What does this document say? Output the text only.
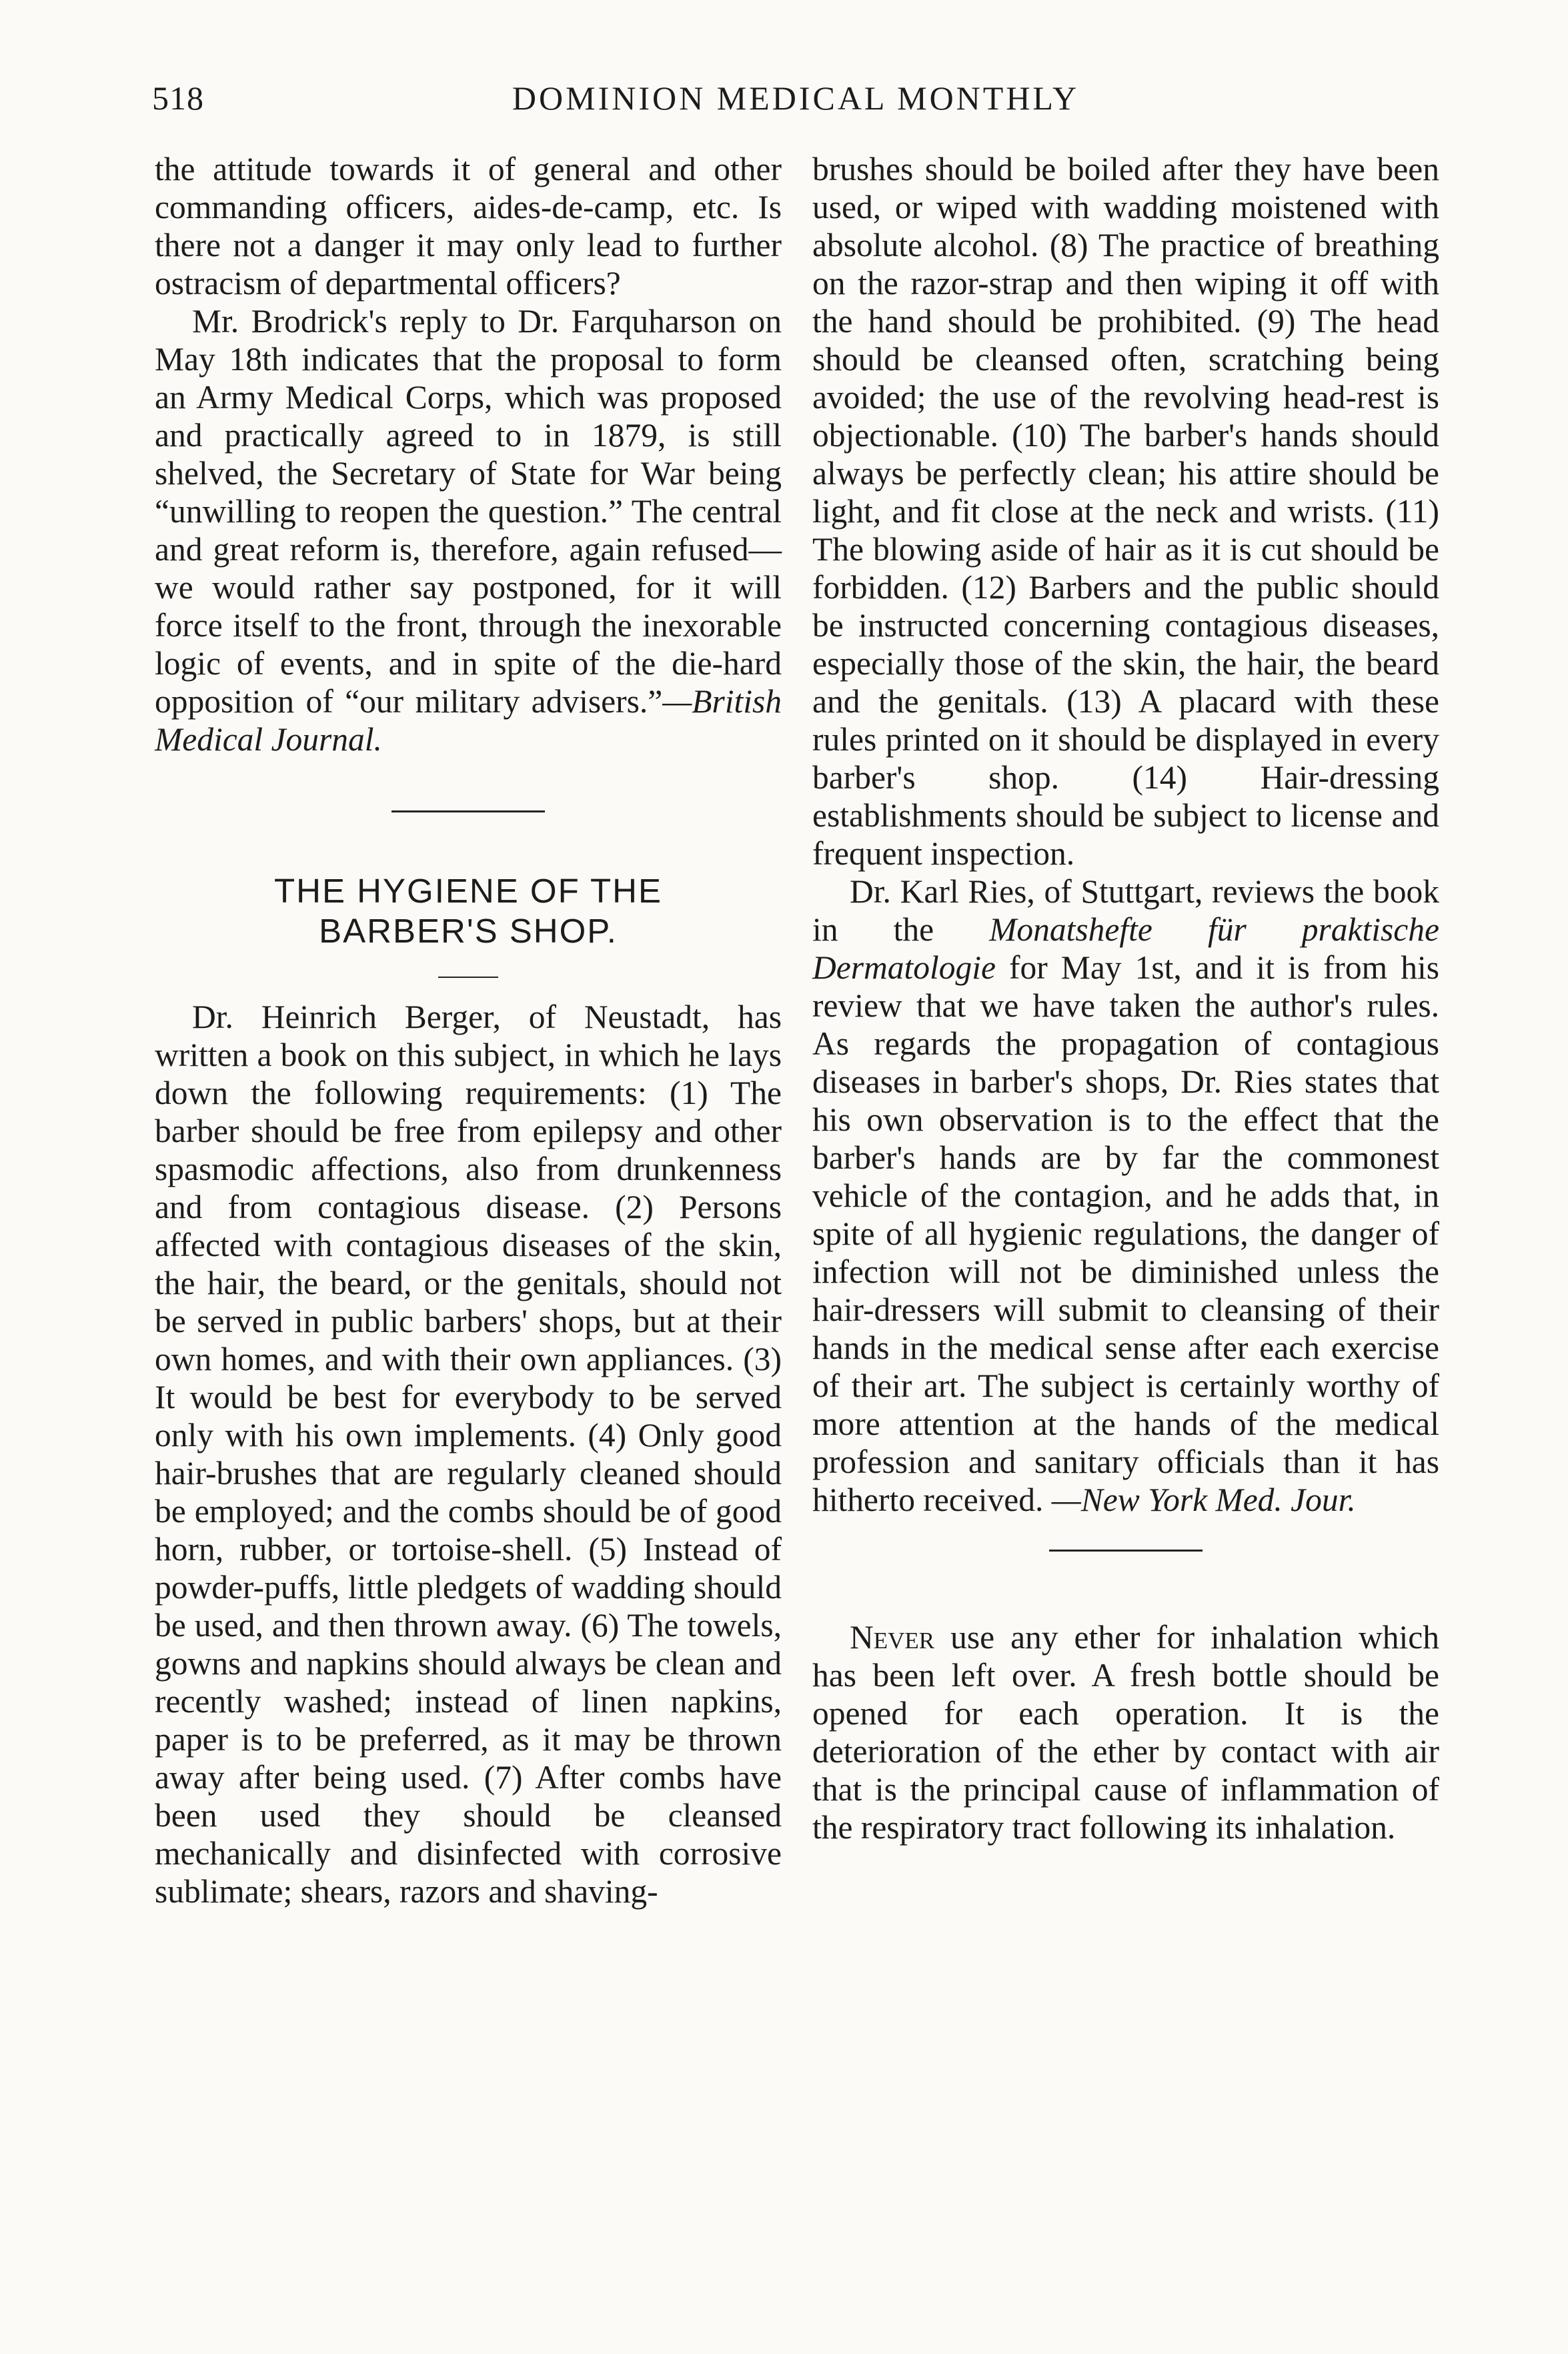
518	DOMINION MEDICAL MONTHLY

the attitude towards it of general and other commanding officers, aides-de-camp, etc. Is there not a danger it may only lead to further ostracism of departmental officers?

Mr. Brodrick's reply to Dr. Farquharson on May 18th indicates that the proposal to form an Army Medical Corps, which was proposed and practically agreed to in 1879, is still shelved, the Secretary of State for War being “unwilling to reopen the question.” The central and great reform is, therefore, again refused—we would rather say postponed, for it will force itself to the front, through the inexorable logic of events, and in spite of the die-hard opposition of “our military advisers.”—British Medical Journal.

THE HYGIENE OF THE
BARBER'S SHOP.

Dr. Heinrich Berger, of Neustadt, has written a book on this subject, in which he lays down the following requirements: (1) The barber should be free from epilepsy and other spasmodic affections, also from drunkenness and from contagious disease. (2) Persons affected with contagious diseases of the skin, the hair, the beard, or the genitals, should not be served in public barbers' shops, but at their own homes, and with their own appliances. (3) It would be best for everybody to be served only with his own implements. (4) Only good hair-brushes that are regularly cleaned should be employed; and the combs should be of good horn, rubber, or tortoise-shell. (5) Instead of powder-puffs, little pledgets of wadding should be used, and then thrown away. (6) The towels, gowns and napkins should always be clean and recently washed; instead of linen napkins, paper is to be preferred, as it may be thrown away after being used. (7) After combs have been used they should be cleansed mechanically and disinfected with corrosive sublimate; shears, razors and shaving-

brushes should be boiled after they have been used, or wiped with wadding moistened with absolute alcohol. (8) The practice of breathing on the razor-strap and then wiping it off with the hand should be prohibited. (9) The head should be cleansed often, scratching being avoided; the use of the revolving head-rest is objectionable. (10) The barber's hands should always be perfectly clean; his attire should be light, and fit close at the neck and wrists. (11) The blowing aside of hair as it is cut should be forbidden. (12) Barbers and the public should be instructed concerning contagious diseases, especially those of the skin, the hair, the beard and the genitals. (13) A placard with these rules printed on it should be displayed in every barber's shop. (14) Hair-dressing establishments should be subject to license and frequent inspection.

Dr. Karl Ries, of Stuttgart, reviews the book in the Monatshefte für praktische Dermatologie for May 1st, and it is from his review that we have taken the author's rules. As regards the propagation of contagious diseases in barber's shops, Dr. Ries states that his own observation is to the effect that the barber's hands are by far the commonest vehicle of the contagion, and he adds that, in spite of all hygienic regulations, the danger of infection will not be diminished unless the hair-dressers will submit to cleansing of their hands in the medical sense after each exercise of their art. The subject is certainly worthy of more attention at the hands of the medical profession and sanitary officials than it has hitherto received. —New York Med. Jour.

Never use any ether for inhalation which has been left over. A fresh bottle should be opened for each operation. It is the deterioration of the ether by contact with air that is the principal cause of inflammation of the respiratory tract following its inhalation.
